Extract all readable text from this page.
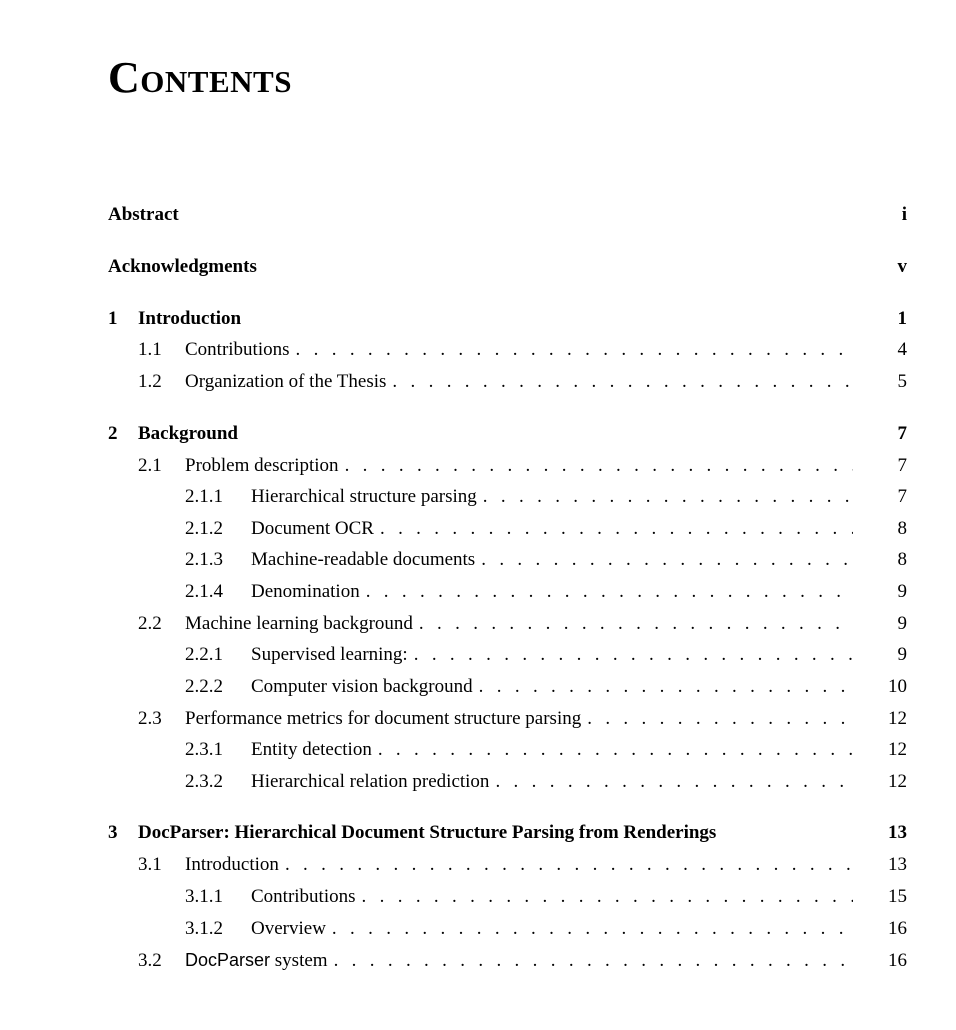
Contents
Abstract	i
Acknowledgments	v
1	Introduction	1
1.1	Contributions . . .	4
1.2	Organization of the Thesis . . .	5
2	Background	7
2.1	Problem description . . .	7
2.1.1	Hierarchical structure parsing . . .	7
2.1.2	Document OCR . . .	8
2.1.3	Machine-readable documents . . .	8
2.1.4	Denomination . . .	9
2.2	Machine learning background . . .	9
2.2.1	Supervised learning: . . .	9
2.2.2	Computer vision background . . .	10
2.3	Performance metrics for document structure parsing . . .	12
2.3.1	Entity detection . . .	12
2.3.2	Hierarchical relation prediction . . .	12
3	DocParser: Hierarchical Document Structure Parsing from Renderings	13
3.1	Introduction . . .	13
3.1.1	Contributions . . .	15
3.1.2	Overview . . .	16
3.2	DocParser system . . .	16
